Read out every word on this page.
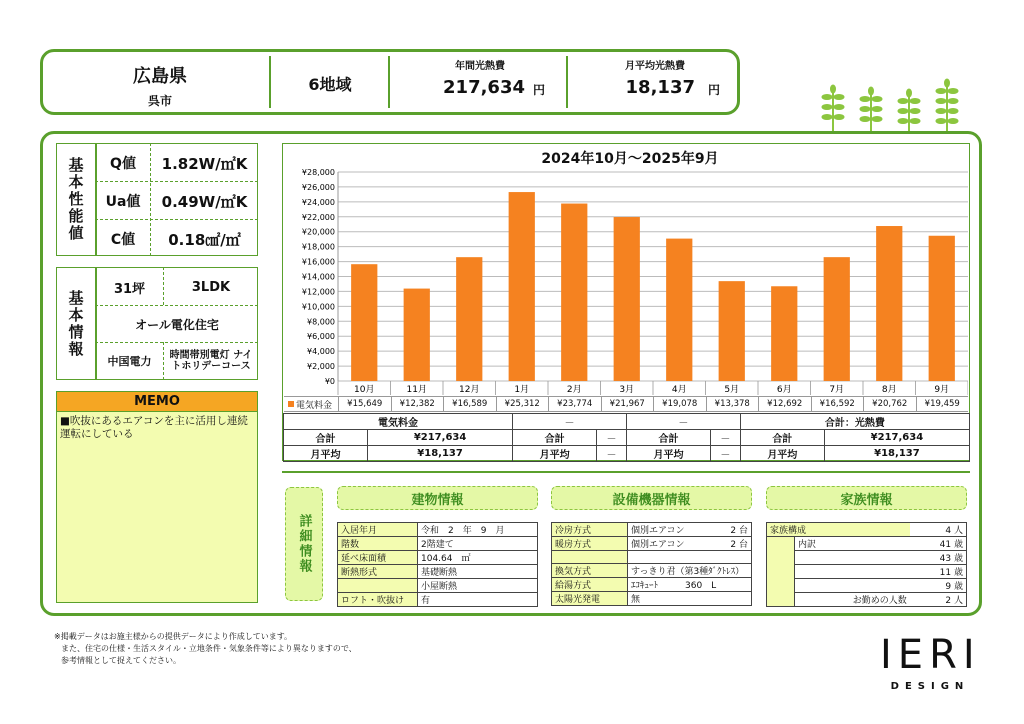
広島県
呉市
6地域
年間光熱費
217,634 円
月平均光熱費
18,137 円
基本性能値	Q値	1.82W/㎡K
Ua値	0.49W/㎡K
C値	0.18㎠/㎡
基本情報
31坪	3LDK
オール電化住宅
中国電力	時間帯別電灯 ナイトホリデーコース
MEMO
■吹抜にあるエアコンを主に活用し連続運転にしている
2024年10月～2025年9月
¥0
¥2,000
¥4,000
¥6,000
¥8,000
¥10,000
¥12,000
¥14,000
¥16,000
¥18,000
¥20,000
¥22,000
¥24,000
¥26,000
¥28,000
10月	11月	12月	1月	2月	3月	4月	5月	6月	7月	8月	9月
電気料金	¥15,649	¥12,382	¥16,589	¥25,312	¥23,774	¥21,967	¥19,078	¥13,378	¥12,692	¥16,592	¥20,762	¥19,459
電気料金		－		－		合計：光熱費	
合計	¥217,634	合計	－	合計	－	合計	¥217,634
月平均	¥18,137	月平均	－	月平均	－	月平均	¥18,137
詳細情報
建物情報	設備機器情報	家族情報
入居年月	令和　2　年　9　月
階数	2階建て
延べ床面積	104.64　㎡
断熱形式	基礎断熱
	小屋断熱
ロフト・吹抜け	有
冷房方式	個別エアコン	2 台
暖房方式	個別エアコン	2 台

換気方式	すっきり君（第3種ﾀﾞｸﾄﾚｽ）	
給湯方式	ｴｺｷｭｰﾄ　　　360　L	
太陽光発電	無	
家族構成		4 人
	内訳	41 歳
		43 歳
		11 歳
		9 歳
	お勤めの人数	2 人
※掲載データはお施主様からの提供データにより作成しています。
また、住宅の仕様・生活スタイル・立地条件・気象条件等により異なりますので、
参考情報として捉えてください。	IERI
DESIGN
